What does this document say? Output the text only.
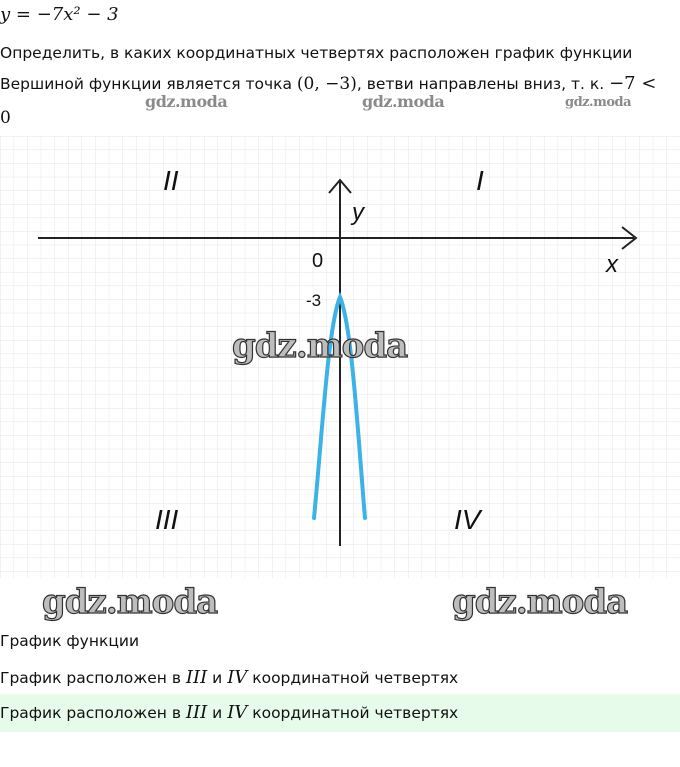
y = −7x² − 3
Определить, в каких координатных четвертях расположен график функции
Вершиной функции является точка (0, −3), ветви направлены вниз, т. к. −7 <
0
gdz.moda	gdz.moda	gdz.moda
x
y
0
-3
II	I
III	IV
gdz.moda
gdz.moda	gdz.moda
График функции
График расположен в III и IV координатной четвертях
График расположен в III и IV координатной четвертях
